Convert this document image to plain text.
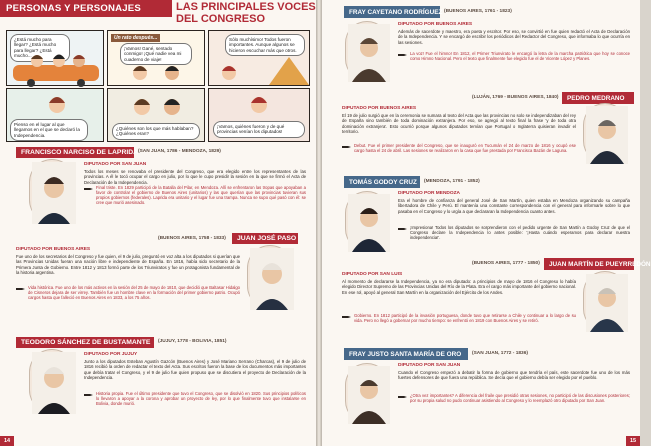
PERSONAS Y PERSONAJES	LAS PRINCIPALES VOCES DEL CONGRESO
¿Está mucho para llegar? ¿Está mucho para llegar? ¿Está mucho...
Un rato después...
¡Vamos! Gané, sentado conmigo! ¡Qué nadie vea mi cuaderno de viaje!
Sólo muchísimo! Todos fueron importantes. Aunque algunos se hicieron escuchar más que otros.
Pienso en el lugar al que llegamos en el que se declaró la Independencia.
¿Quiénes son los que más hablaban? ¿Quiénes eran?
¡Vamos, quiénes fueron y de qué provincias venían los diputados!
FRANCISCO NARCISO DE LAPRIDA (SAN JUAN, 1786 - MENDOZA, 1829)
DIPUTADO POR SAN JUAN
Todos los meses se renovaba el presidente del Congreso, que era elegido entre los representantes de las provincias. A él le tocó ocupar el cargo en julio, por lo que le cupo presidir la sesión en la que se firmó el Acta de Declaración de la Independencia.
Final triste. En 1829 participó de la Batalla del Pilar, en Mendoza. Allí se enfrentaron las tropas que apoyaban a favor de controlar el gobierno de Buenos Aires (unitarios) y las que querían que las provincias tuvieran sus propios gobiernos (federales). Laprida era unitario y el lugar fue una trampa. Nunca se supo qué pasó con él: se cree que murió asesinado.
(BUENOS AIRES, 1758 - 1833)	JUAN JOSÉ PASO
DIPUTADO POR BUENOS AIRES
Fue uno de los secretarios del Congreso y fue quien, el 9 de julio, preguntó en voz alta a los diputados si querían que las Provincias Unidas fueran una nación libre e independiente de España. En 1816, había sido secretario de la Primera Junta de Gobierno. Entre 1812 y 1813 formó parte de los Triunviratos y fue un protagonista fundamental de la historia argentina.
Vida histórica. Fue uno de los más activos en la sesión del 25 de mayo de 1810, que decidió que Baltasar Hidalgo de Cisneros dejara de ser virrey. También fue un hombre clave en la formación del primer gobierno patrio. Ocupó cargos hasta que falleció en Buenos Aires en 1833, a los 75 años.
TEODORO SÁNCHEZ DE BUSTAMANTE	(JUJUY, 1778 - BOLIVIA, 1851)
DIPUTADO POR JUJUY
Junto a los diputados Esteban Agustín Gazcón (Buenos Aires) y José Mariano Serrano (Charcas), el 9 de julio de 1816 recibió la orden de redactar el texto del Acta. Sus escritos fueron la base de los documentos más importantes que debía tratar el Congreso, y el 9 de julio fue quien propuso que se discutiera el proyecto de Declaración de la Independencia.
Historia propia. Fue el último presidente que tuvo el Congreso, que se disolvió en 1820. Sus principios políticos lo llevaron a apoyar a la corona y aprobar un proyecto de ley, por lo que finalmente tuvo que instalarse en Bolivia, donde murió.
14
FRAY CAYETANO RODRÍGUEZ (BUENOS AIRES, 1761 - 1823)
DIPUTADO POR BUENOS AIRES
Además de sacerdote y maestro, era poeta y escritor. Por eso, se convirtió en fue quien redactó el Acta de Declaración de la Independencia. Y se encargó de escribir los periódicos del Redactor del Congreso, que informaba lo que ocurría en las sesiones.
La voz! Fue el himno! En 1812, el Primer Triunvirato le encargó la letra de la marcha patriótica que hoy se conoce como Himno Nacional. Pero el texto que finalmente fue elegido fue el de Vicente López y Planes.
(LUJÁN, 1769 - BUENOS AIRES, 1840)	PEDRO MEDRANO
DIPUTADO POR BUENOS AIRES
El 19 de julio surgió que en la ceremonia se sumara al texto del Acta que las provincias no solo se independizaban del rey de España sino también de toda dominación extranjera. Por eso, se agregó al texto final la frase 'y de toda otra dominación extranjera'. Esto ocurrió porque algunos diputados temían que Portugal o Inglaterra quisieran invadir el territorio.
Debut. Fue el primer presidente del Congreso, que se inauguró en Tucumán el 24 de marzo de 1816 y ocupó ese cargo hasta el 24 de abril. Las sesiones se realizaron en la casa que fue prestada por Francisca Bazán de Laguna.
TOMÁS GODOY CRUZ	(MENDOZA, 1791 - 1852)
DIPUTADO POR MENDOZA
Era el hombre de confianza del general José de San Martín, quien estaba en Mendoza organizando su campaña libertadora de Chile y Perú. El mantenía una constante correspondencia con el general para informarle sobre lo que pasaba en el Congreso y lo urgía a que declararan la Independencia cuanto antes.
¡Impresiona! Todos los diputados se sorprendieron con el pedido urgente de San Martín a Godoy Cruz de que el Congreso declare la Independencia lo antes posible: '¡Hasta cuándo esperamos para declarar nuestra independencia!'.
(BUENOS AIRES, 1777 - 1850)	JUAN MARTÍN DE PUEYRREDÓN
DIPUTADO POR SAN LUIS
Al momento de declararse la Independencia, ya no era diputado: a principios de mayo de 1816 el Congreso lo había elegido Director Supremo de las Provincias Unidas del Río de la Plata. Era el cargo más importante del gobierno nacional. En ese rol, apoyó al general San Martín en la organización del Ejército de los Andes.
Gobierno. En 1812 participó de la invasión portuguesa, donde tuvo que retirarse a Chile y continuar a lo largo de su vida. Pero no llegó a gobernar por mucho tiempo: se enfrentó en 1819 con Buenos Aires y se retiró.
FRAY JUSTO SANTA MARÍA DE ORO	(SAN JUAN, 1772 - 1836)
DIPUTADO POR SAN JUAN
Cuando el Congreso empezó a debatir la forma de gobierno que tendría el país, este sacerdote fue uno de los más fuertes defensores de que fuera una república. Se decía que el gobierno debía ser elegido por el pueblo.
¿Otra vez importantes? A diferencia del fraile que presidió otras sesiones, no participó de las discusiones posteriores; por su propia salud no pudo continuar asistiendo al Congreso y lo reemplazó otro diputado por San Juan.
15
